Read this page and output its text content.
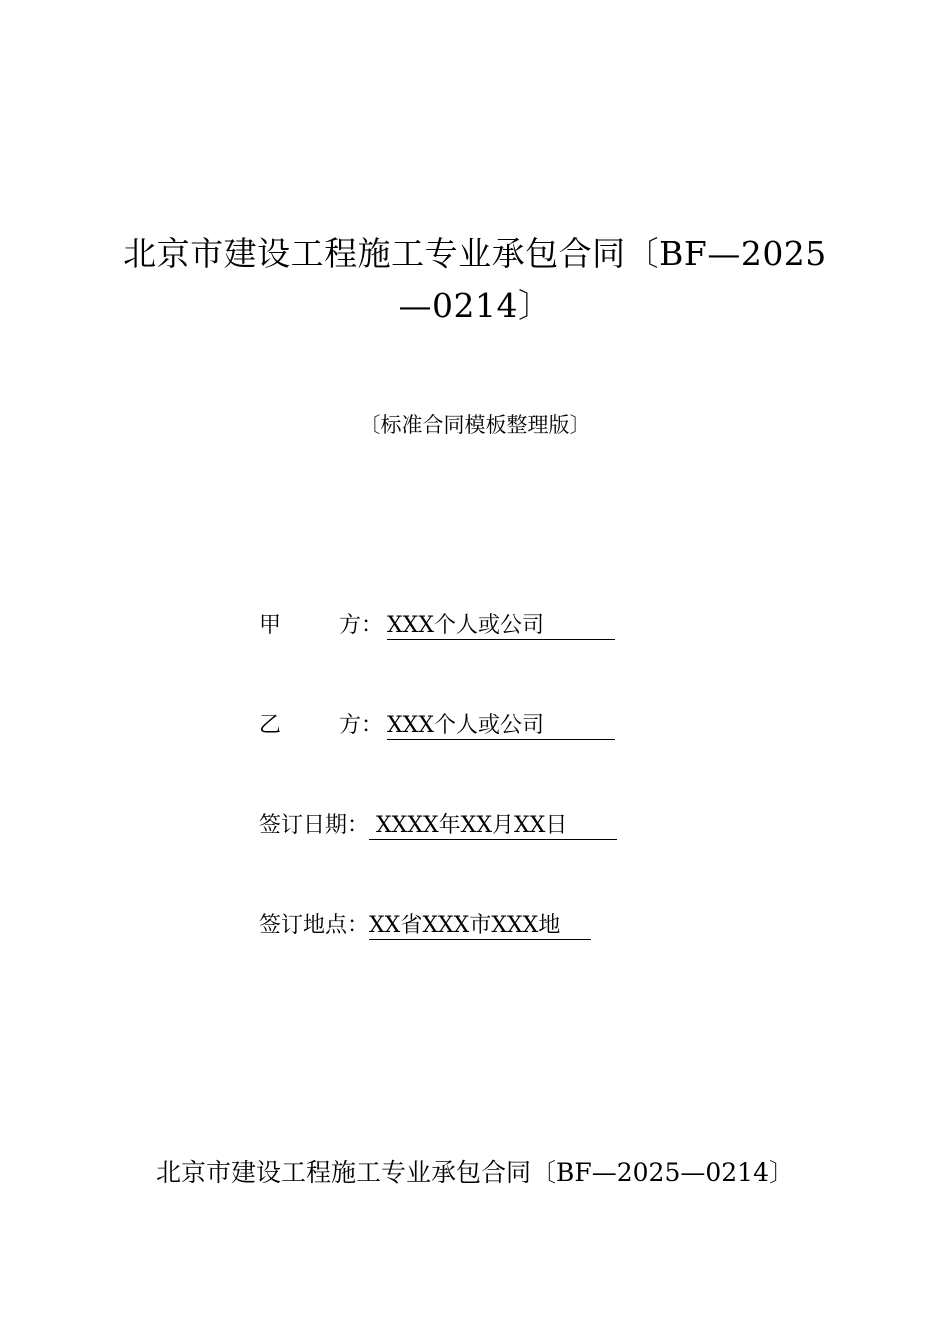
北京市建设工程施工专业承包合同〔BF—2025
—0214〕
〔标准合同模板整理版〕
甲	方： XXX个人或公司
乙	方： XXX个人或公司
签订日期： XXXX年XX月XX日
签订地点：XX省XXX市XXX地
北京市建设工程施工专业承包合同〔BF—2025—0214〕
